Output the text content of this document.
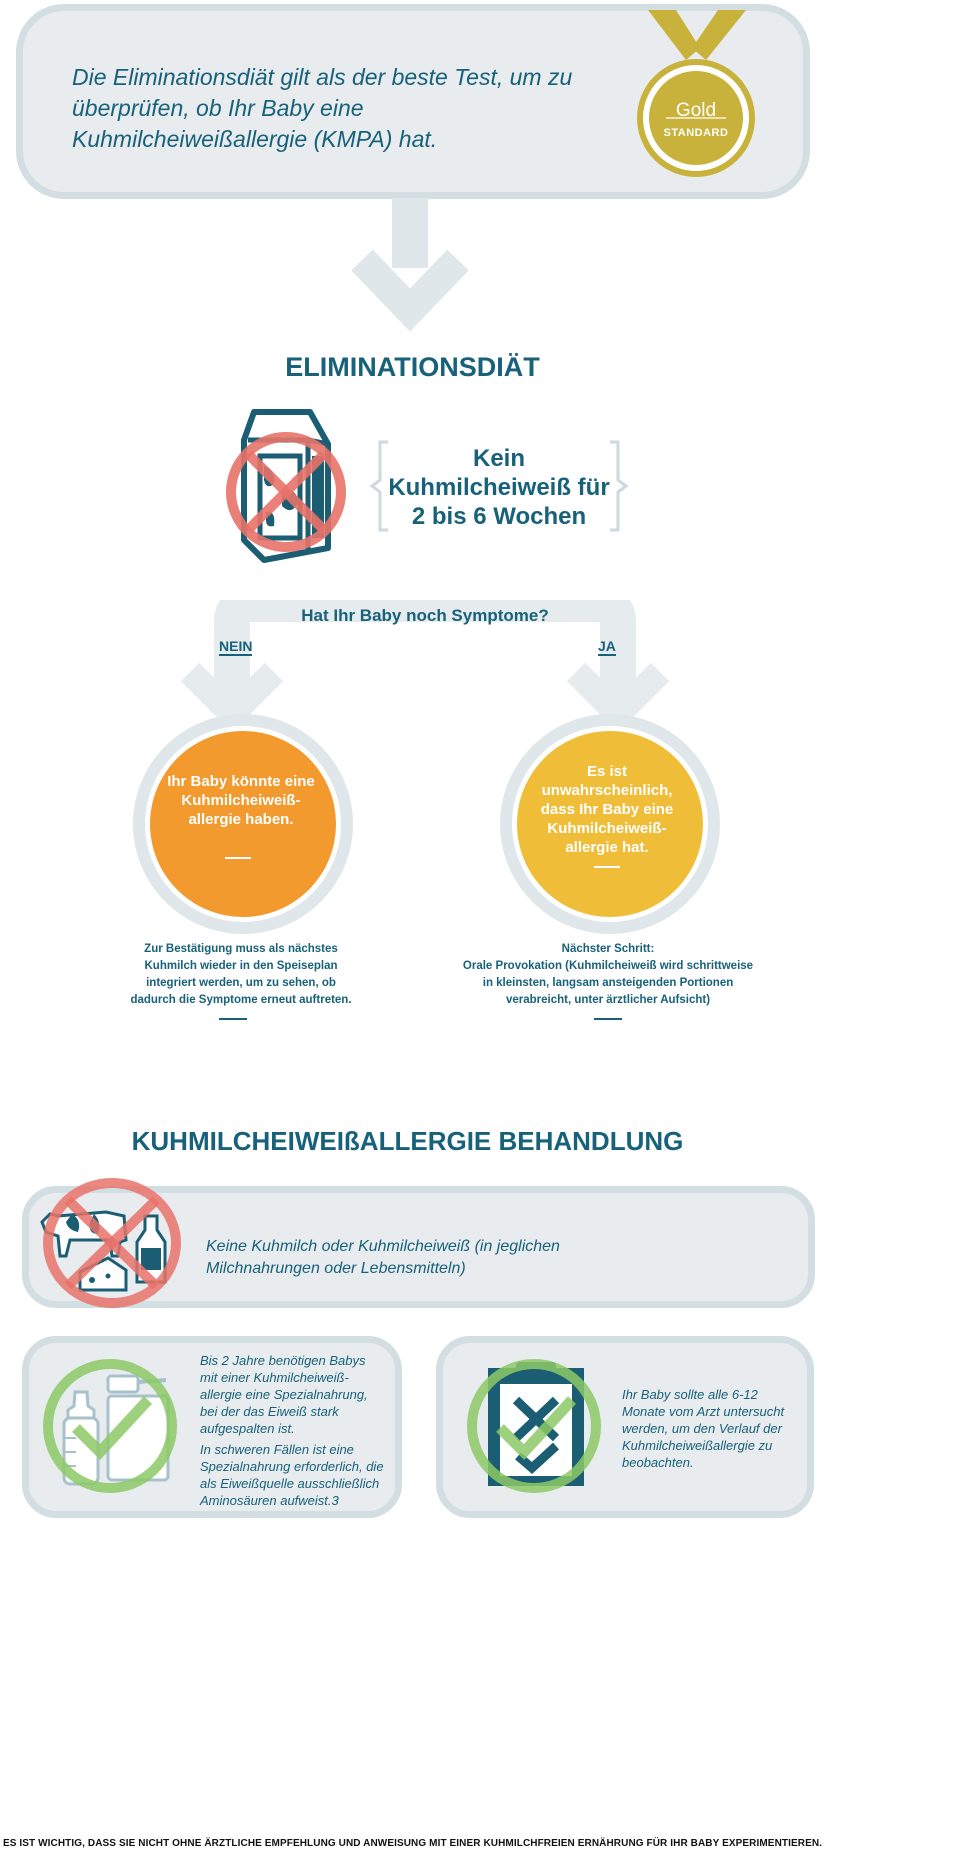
Die Eliminationsdiät gilt als der beste Test, um zu überprüfen, ob Ihr Baby eine Kuhmilcheiweißallergie (KMPA) hat.
Gold
STANDARD
ELIMINATIONSDIÄT
Kein Kuhmilcheiweiß für 2 bis 6 Wochen
Hat Ihr Baby noch Symptome?
NEIN	JA
Ihr Baby könnte eine Kuhmilcheiweiß-allergie haben.
Es ist unwahrscheinlich, dass Ihr Baby eine Kuhmilcheiweiß-allergie hat.
Zur Bestätigung muss als nächstes Kuhmilch wieder in den Speiseplan integriert werden, um zu sehen, ob dadurch die Symptome erneut auftreten.
Nächster Schritt:
Orale Provokation (Kuhmilcheiweiß wird schrittweise in kleinsten, langsam ansteigenden Portionen verabreicht, unter ärztlicher Aufsicht)
KUHMILCHEIWEIßALLERGIE BEHANDLUNG
Keine Kuhmilch oder Kuhmilcheiweiß (in jeglichen Milchnahrungen oder Lebensmitteln)
Bis 2 Jahre benötigen Babys mit einer Kuhmilcheiweiß-allergie eine Spezialnahrung, bei der das Eiweiß stark aufgespalten ist.
In schweren Fällen ist eine Spezialnahrung erforderlich, die als Eiweißquelle ausschließlich Aminosäuren aufweist.3
Ihr Baby sollte alle 6-12 Monate vom Arzt untersucht werden, um den Verlauf der Kuhmilcheiweißallergie zu beobachten.
ES IST WICHTIG, DASS SIE NICHT OHNE ÄRZTLICHE EMPFEHLUNG UND ANWEISUNG MIT EINER KUHMILCHFREIEN ERNÄHRUNG FÜR IHR BABY EXPERIMENTIEREN.
